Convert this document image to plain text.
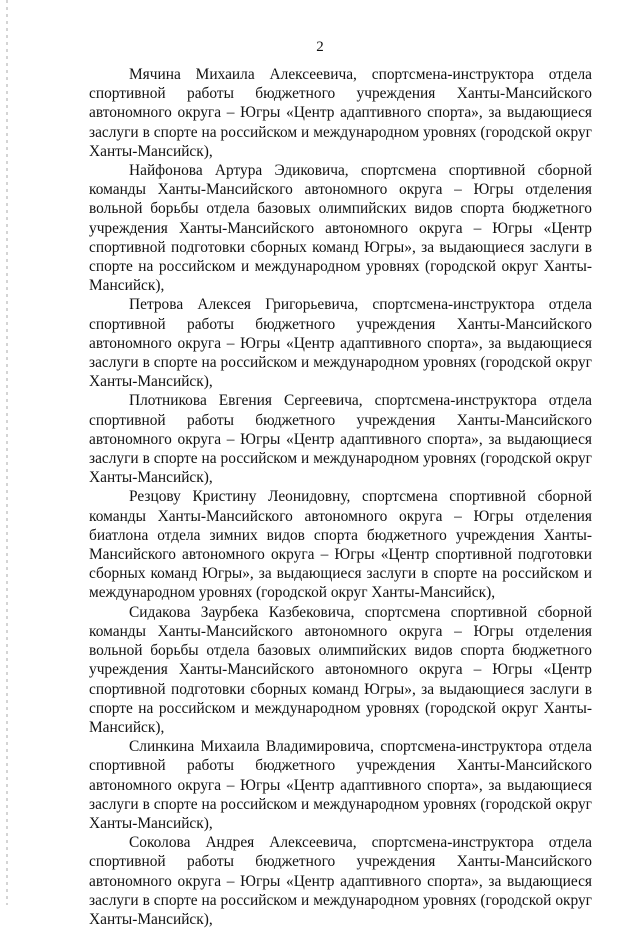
2

Мячина Михаила Алексеевича, спортсмена-инструктора отдела спортивной работы бюджетного учреждения Ханты-Мансийского автономного округа – Югры «Центр адаптивного спорта», за выдающиеся заслуги в спорте на российском и международном уровнях (городской округ Ханты-Мансийск),

Найфонова Артура Эдиковича, спортсмена спортивной сборной команды Ханты-Мансийского автономного округа – Югры отделения вольной борьбы отдела базовых олимпийских видов спорта бюджетного учреждения Ханты-Мансийского автономного округа – Югры «Центр спортивной подготовки сборных команд Югры», за выдающиеся заслуги в спорте на российском и международном уровнях (городской округ Ханты-Мансийск),

Петрова Алексея Григорьевича, спортсмена-инструктора отдела спортивной работы бюджетного учреждения Ханты-Мансийского автономного округа – Югры «Центр адаптивного спорта», за выдающиеся заслуги в спорте на российском и международном уровнях (городской округ Ханты-Мансийск),

Плотникова Евгения Сергеевича, спортсмена-инструктора отдела спортивной работы бюджетного учреждения Ханты-Мансийского автономного округа – Югры «Центр адаптивного спорта», за выдающиеся заслуги в спорте на российском и международном уровнях (городской округ Ханты-Мансийск),

Резцову Кристину Леонидовну, спортсмена спортивной сборной команды Ханты-Мансийского автономного округа – Югры отделения биатлона отдела зимних видов спорта бюджетного учреждения Ханты-Мансийского автономного округа – Югры «Центр спортивной подготовки сборных команд Югры», за выдающиеся заслуги в спорте на российском и международном уровнях (городской округ Ханты-Мансийск),

Сидакова Заурбека Казбековича, спортсмена спортивной сборной команды Ханты-Мансийского автономного округа – Югры отделения вольной борьбы отдела базовых олимпийских видов спорта бюджетного учреждения Ханты-Мансийского автономного округа – Югры «Центр спортивной подготовки сборных команд Югры», за выдающиеся заслуги в спорте на российском и международном уровнях (городской округ Ханты-Мансийск),

Слинкина Михаила Владимировича, спортсмена-инструктора отдела спортивной работы бюджетного учреждения Ханты-Мансийского автономного округа – Югры «Центр адаптивного спорта», за выдающиеся заслуги в спорте на российском и международном уровнях (городской округ Ханты-Мансийск),

Соколова Андрея Алексеевича, спортсмена-инструктора отдела спортивной работы бюджетного учреждения Ханты-Мансийского автономного округа – Югры «Центр адаптивного спорта», за выдающиеся заслуги в спорте на российском и международном уровнях (городской округ Ханты-Мансийск),
